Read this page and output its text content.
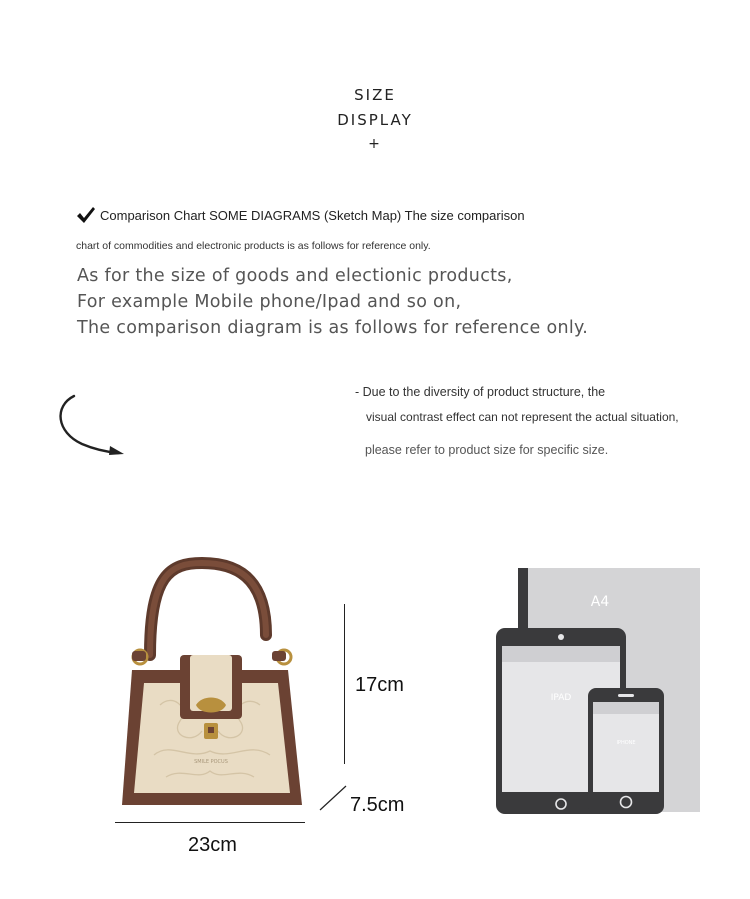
SIZE
DISPLAY
+
Comparison Chart SOME DIAGRAMS (Sketch Map) The size comparison
chart of commodities and electronic products is as follows for reference only.
As for the size of goods and electionic products,
For example Mobile phone/Ipad and so on,
The comparison diagram is as follows for reference only.
- Due to the diversity of product structure, the
visual contrast effect can not represent the actual situation,
please refer to product size for specific size.
SMILE POCUS
17cm
7.5cm
23cm
A4
IPAD
IPHONE
